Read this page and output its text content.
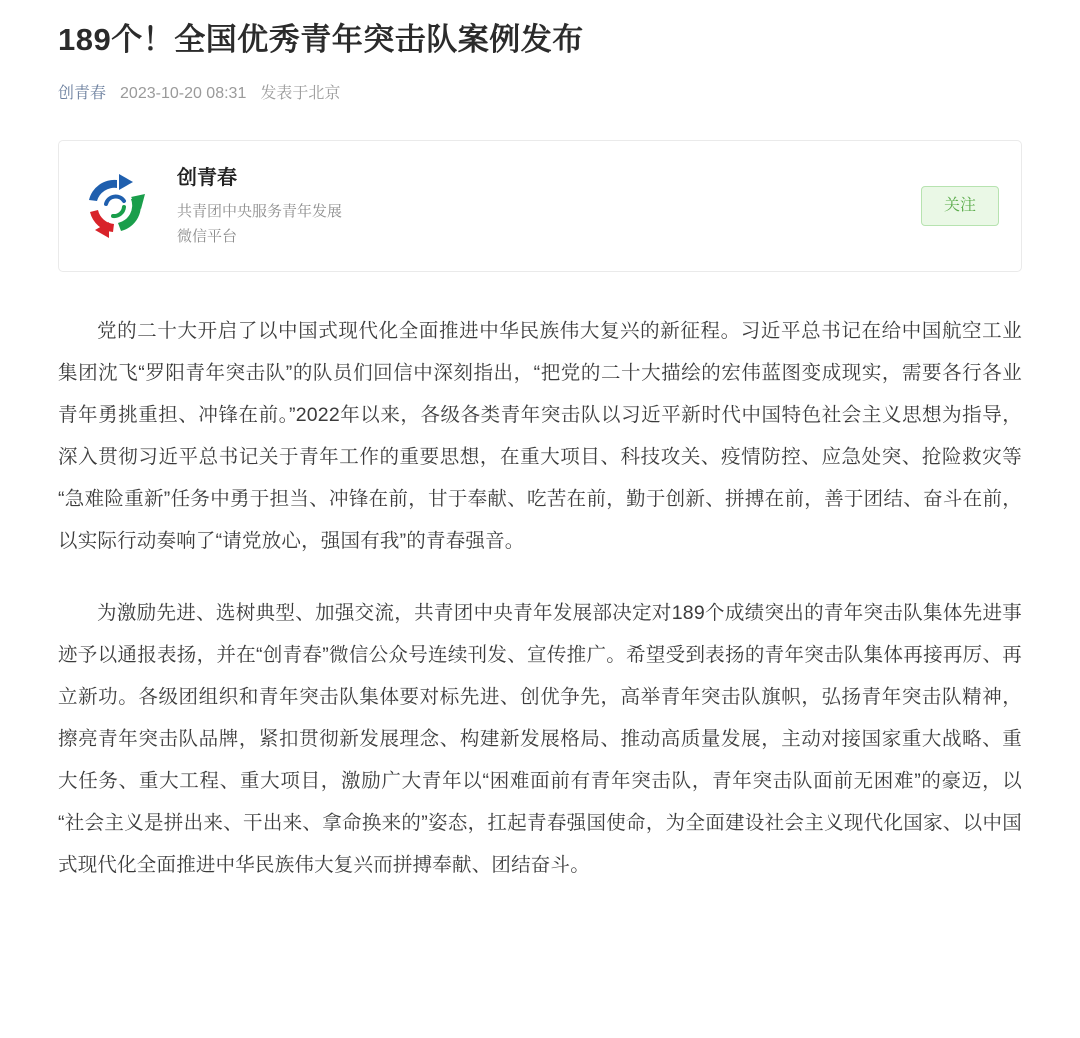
189个！全国优秀青年突击队案例发布
创青春 2023-10-20 08:31 发表于北京
创青春
共青团中央服务青年发展
微信平台
关注

党的二十大开启了以中国式现代化全面推进中华民族伟大复兴的新征程。习近平总书记在给中国航空工业集团沈飞“罗阳青年突击队”的队员们回信中深刻指出，“把党的二十大描绘的宏伟蓝图变成现实，需要各行各业青年勇挑重担、冲锋在前。”2022年以来，各级各类青年突击队以习近平新时代中国特色社会主义思想为指导，深入贯彻习近平总书记关于青年工作的重要思想，在重大项目、科技攻关、疫情防控、应急处突、抢险救灾等“急难险重新”任务中勇于担当、冲锋在前，甘于奉献、吃苦在前，勤于创新、拼搏在前，善于团结、奋斗在前，以实际行动奏响了“请党放心，强国有我”的青春强音。

为激励先进、选树典型、加强交流，共青团中央青年发展部决定对189个成绩突出的青年突击队集体先进事迹予以通报表扬，并在“创青春”微信公众号连续刊发、宣传推广。希望受到表扬的青年突击队集体再接再厉、再立新功。各级团组织和青年突击队集体要对标先进、创优争先，高举青年突击队旗帜，弘扬青年突击队精神，擦亮青年突击队品牌，紧扣贯彻新发展理念、构建新发展格局、推动高质量发展，主动对接国家重大战略、重大任务、重大工程、重大项目，激励广大青年以“困难面前有青年突击队，青年突击队面前无困难”的豪迈，以“社会主义是拼出来、干出来、拿命换来的”姿态，扛起青春强国使命，为全面建设社会主义现代化国家、以中国式现代化全面推进中华民族伟大复兴而拼搏奉献、团结奋斗。
